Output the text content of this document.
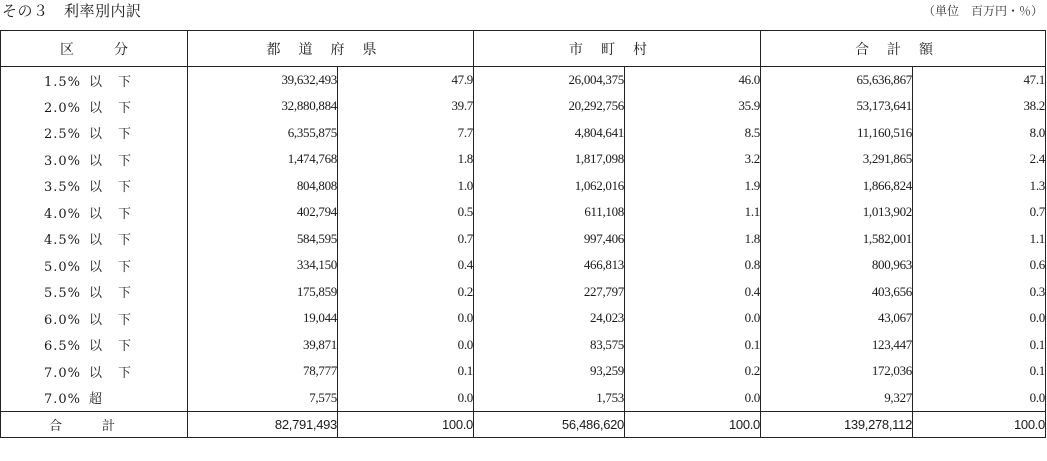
その３　利率別内訳	（単位　百万円・％）
区分	都道府県		市町村		合計額	
1.5% 以下	39,632,493	47.9	26,004,375	46.0	65,636,867	47.1
2.0% 以下	32,880,884	39.7	20,292,756	35.9	53,173,641	38.2
2.5% 以下	6,355,875	7.7	4,804,641	8.5	11,160,516	8.0
3.0% 以下	1,474,768	1.8	1,817,098	3.2	3,291,865	2.4
3.5% 以下	804,808	1.0	1,062,016	1.9	1,866,824	1.3
4.0% 以下	402,794	0.5	611,108	1.1	1,013,902	0.7
4.5% 以下	584,595	0.7	997,406	1.8	1,582,001	1.1
5.0% 以下	334,150	0.4	466,813	0.8	800,963	0.6
5.5% 以下	175,859	0.2	227,797	0.4	403,656	0.3
6.0% 以下	19,044	0.0	24,023	0.0	43,067	0.0
6.5% 以下	39,871	0.0	83,575	0.1	123,447	0.1
7.0% 以下	78,777	0.1	93,259	0.2	172,036	0.1
7.0% 超	7,575	0.0	1,753	0.0	9,327	0.0
合計	82,791,493	100.0	56,486,620	100.0	139,278,112	100.0
